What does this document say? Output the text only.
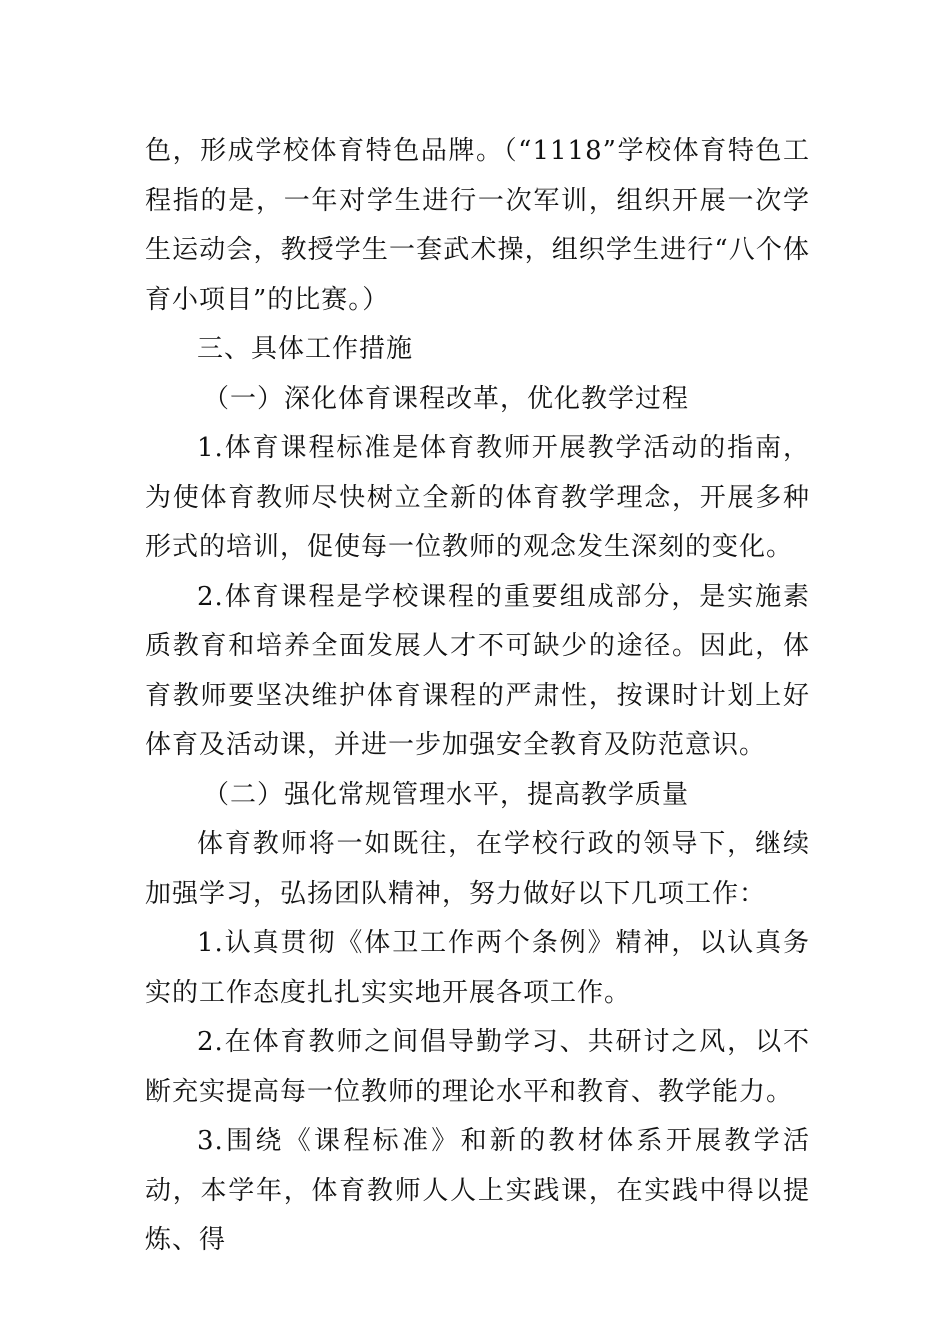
色，形成学校体育特色品牌。（“1118”学校体育特色工程指的是，一年对学生进行一次军训，组织开展一次学生运动会，教授学生一套武术操，组织学生进行“八个体育小项目”的比赛。）

三、具体工作措施

（一）深化体育课程改革，优化教学过程

1.体育课程标准是体育教师开展教学活动的指南，为使体育教师尽快树立全新的体育教学理念，开展多种形式的培训，促使每一位教师的观念发生深刻的变化。

2.体育课程是学校课程的重要组成部分，是实施素质教育和培养全面发展人才不可缺少的途径。因此，体育教师要坚决维护体育课程的严肃性，按课时计划上好体育及活动课，并进一步加强安全教育及防范意识。

（二）强化常规管理水平，提高教学质量

体育教师将一如既往，在学校行政的领导下，继续加强学习，弘扬团队精神，努力做好以下几项工作：

1.认真贯彻《体卫工作两个条例》精神，以认真务实的工作态度扎扎实实地开展各项工作。

2.在体育教师之间倡导勤学习、共研讨之风，以不断充实提高每一位教师的理论水平和教育、教学能力。

3.围绕《课程标准》和新的教材体系开展教学活动，本学年，体育教师人人上实践课，在实践中得以提炼、得
